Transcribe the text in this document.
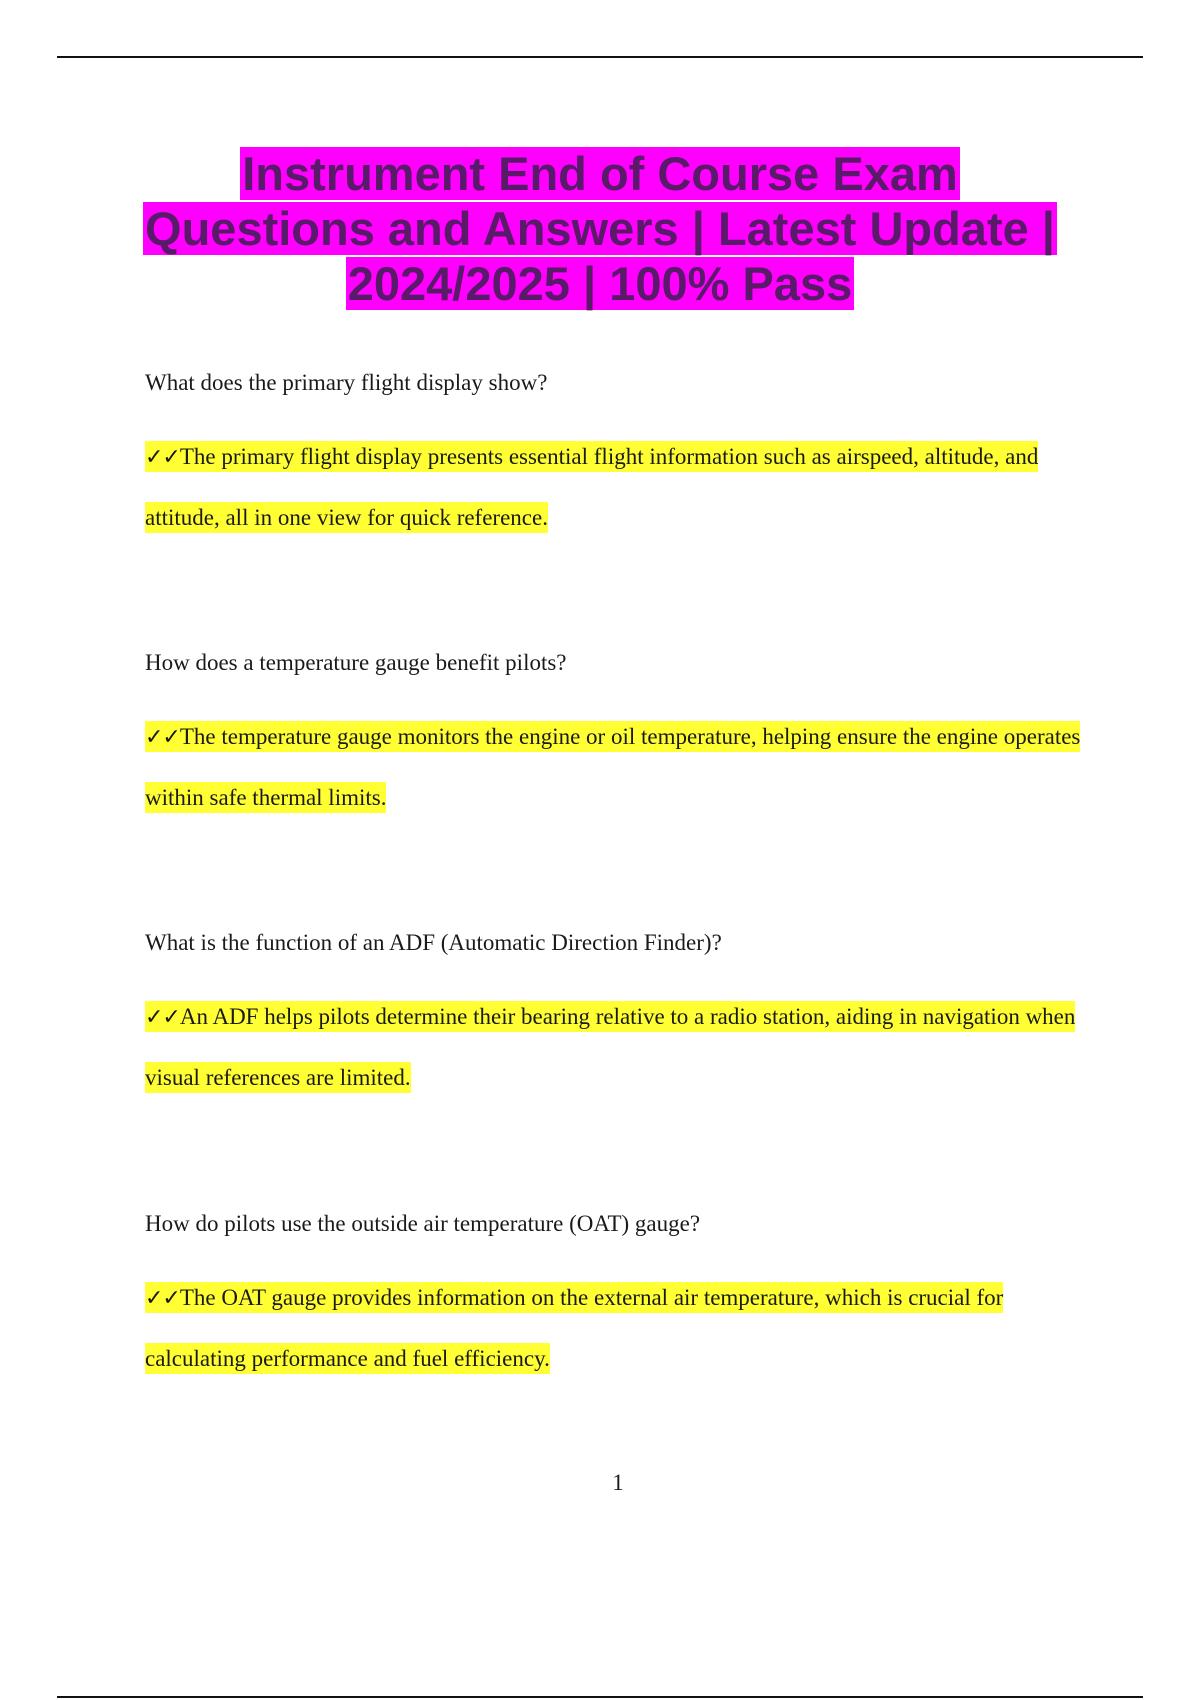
Instrument End of Course Exam
Questions and Answers | Latest Update |
2024/2025 | 100% Pass

What does the primary flight display show?

✓✓The primary flight display presents essential flight information such as airspeed, altitude, and attitude, all in one view for quick reference.

How does a temperature gauge benefit pilots?

✓✓The temperature gauge monitors the engine or oil temperature, helping ensure the engine operates within safe thermal limits.

What is the function of an ADF (Automatic Direction Finder)?

✓✓An ADF helps pilots determine their bearing relative to a radio station, aiding in navigation when visual references are limited.

How do pilots use the outside air temperature (OAT) gauge?

✓✓The OAT gauge provides information on the external air temperature, which is crucial for calculating performance and fuel efficiency.

1
